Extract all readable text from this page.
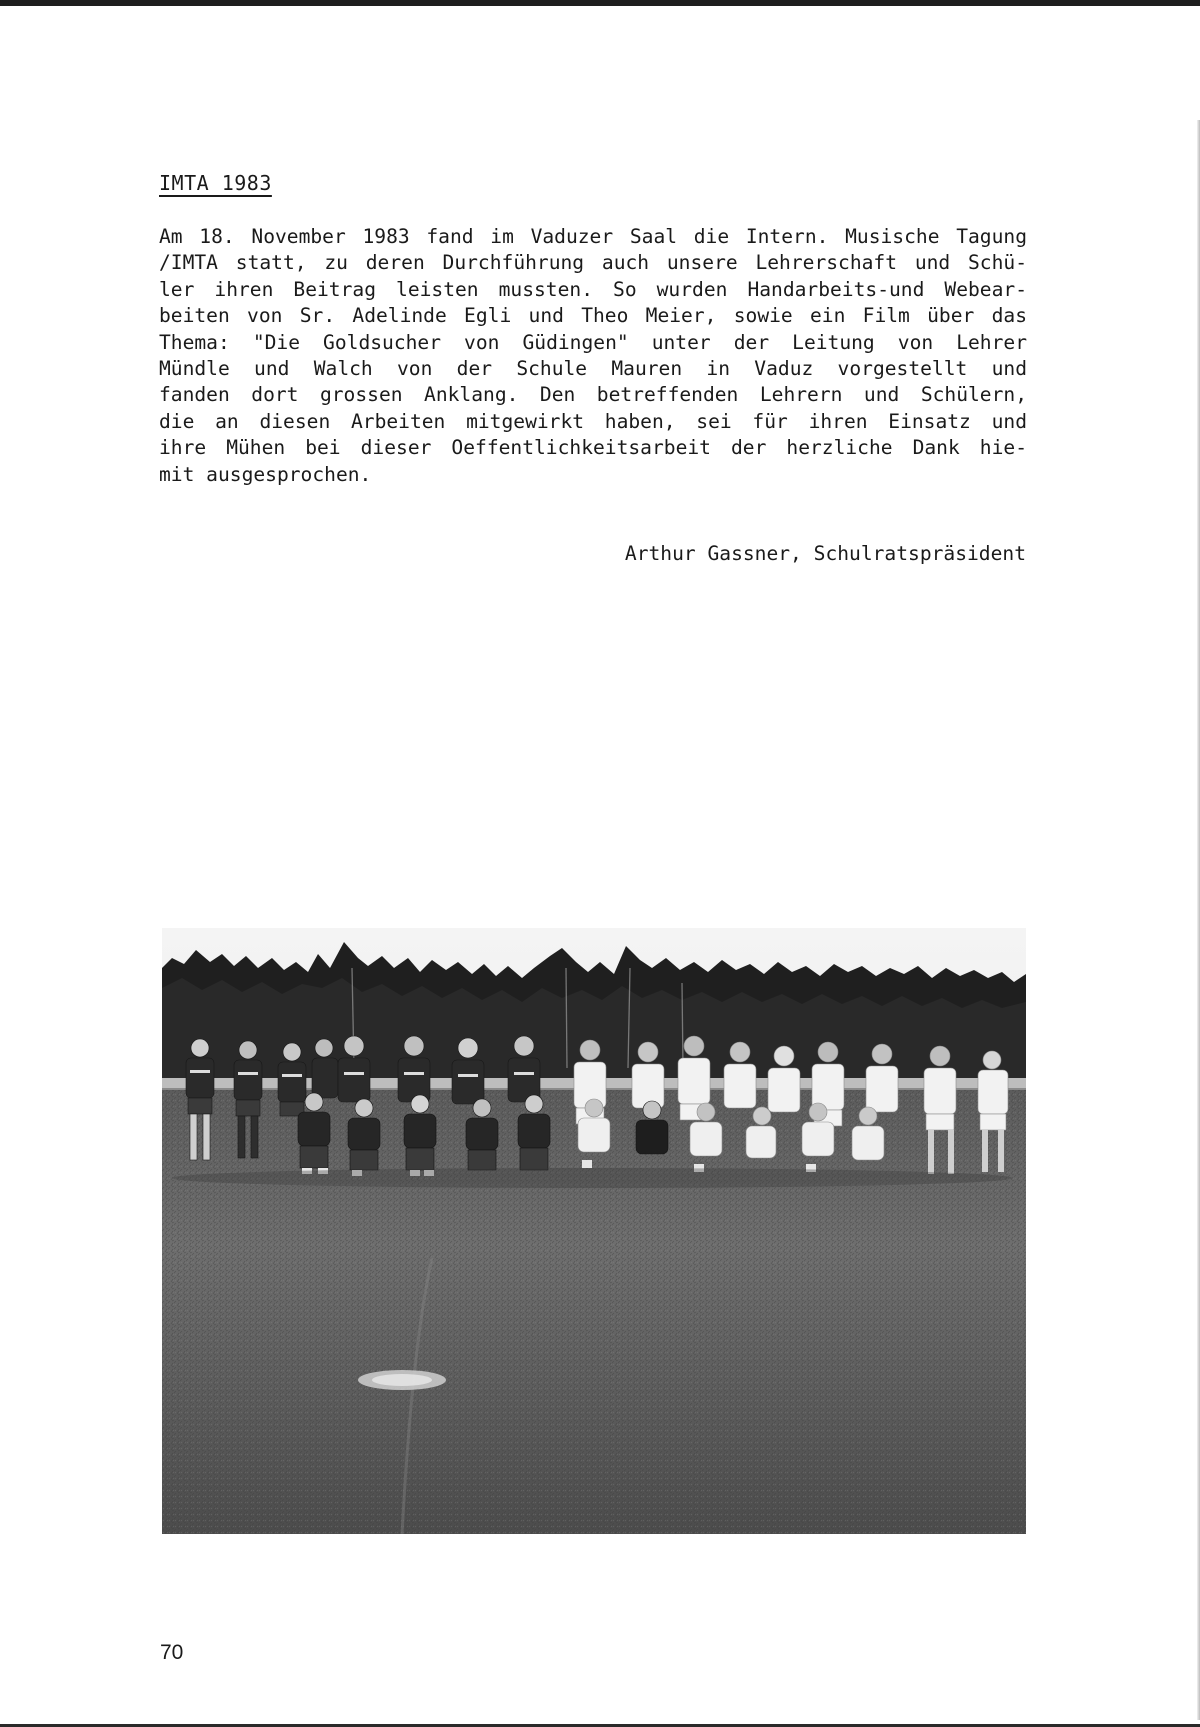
IMTA 1983
Am 18. November 1983 fand im Vaduzer Saal die Intern. Musische Tagung
/IMTA statt, zu deren Durchführung auch unsere Lehrerschaft und Schü-
ler ihren Beitrag leisten mussten. So wurden Handarbeits-und Webear-
beiten von Sr. Adelinde Egli und Theo Meier, sowie ein Film über das
Thema: "Die Goldsucher von Güdingen" unter der Leitung von Lehrer
Mündle und Walch von der Schule Mauren in Vaduz vorgestellt und
fanden dort grossen Anklang. Den betreffenden Lehrern und Schülern,
die an diesen Arbeiten mitgewirkt haben, sei für ihren Einsatz und
ihre Mühen bei dieser Oeffentlichkeitsarbeit der herzliche Dank hie-
mit ausgesprochen.
Arthur Gassner, Schulratspräsident
70
